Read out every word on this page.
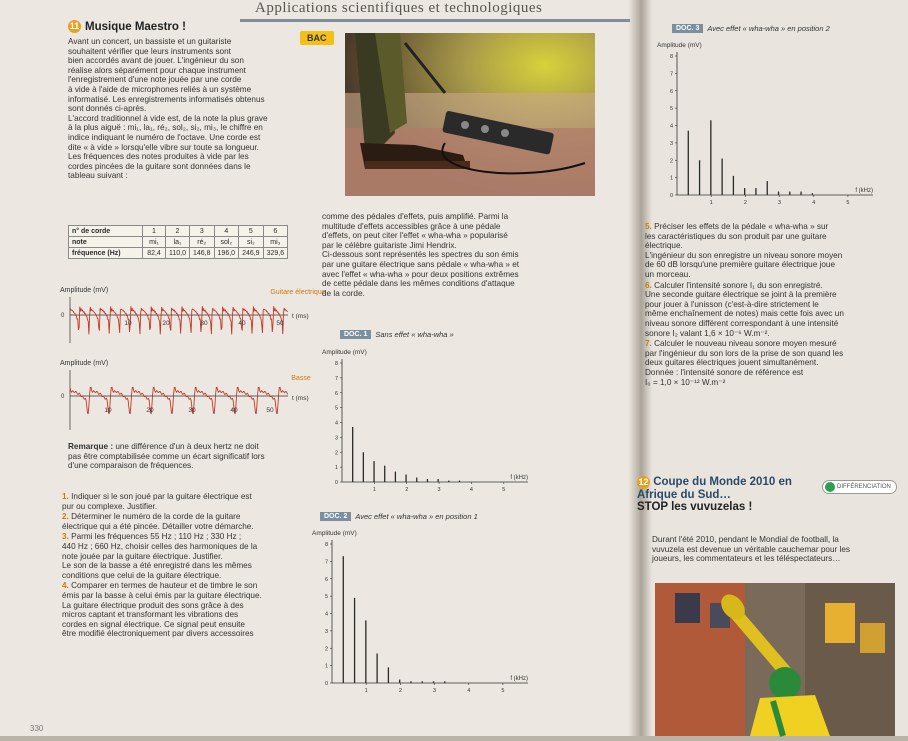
Applications scientifiques et technologiques
11 Musique Maestro !
BAC
Avant un concert, un bassiste et un guitariste
souhaitent vérifier que leurs instruments sont
bien accordés avant de jouer. L'ingénieur du son
réalise alors séparément pour chaque instrument
l'enregistrement d'une note jouée par une corde
à vide à l'aide de microphones reliés à un système
informatisé. Les enregistrements informatisés obtenus
sont donnés ci-après.
L'accord traditionnel à vide est, de la note la plus grave
à la plus aiguë : mi₁, la₁, ré₂, sol₂, si₂, mi₃, le chiffre en
indice indiquant le numéro de l'octave. Une corde est
dite « à vide » lorsqu'elle vibre sur toute sa longueur.
Les fréquences des notes produites à vide par les
cordes pincées de la guitare sont données dans le
tableau suivant :
n° de corde	1	2	3	4	5	6
note	mi₁	la₁	ré₂	sol₂	si₂	mi₃
fréquence (Hz)	82,4	110,0	146,8	196,0	246,9	329,6
Amplitude (mV)	Guitare électrique
0
10	20	30	40	50
t (ms)
Amplitude (mV)
Basse
0
10	20	30	40	50
t (ms)
Remarque : une différence d'un à deux hertz ne doit
pas être comptabilisée comme un écart significatif lors
d'une comparaison de fréquences.

1. Indiquer si le son joué par la guitare électrique est
pur ou complexe. Justifier.

2. Déterminer le numéro de la corde de la guitare
électrique qui a été pincée. Détailler votre démarche.

3. Parmi les fréquences 55 Hz ; 110 Hz ; 330 Hz ;
440 Hz ; 660 Hz, choisir celles des harmoniques de la
note jouée par la guitare électrique. Justifier.
Le son de la basse a été enregistré dans les mêmes
conditions que celui de la guitare électrique.

4. Comparer en termes de hauteur et de timbre le son
émis par la basse à celui émis par la guitare électrique.
La guitare électrique produit des sons grâce à des
micros captant et transformant les vibrations des
cordes en signal électrique. Ce signal peut ensuite
être modifié électroniquement par divers accessoires

comme des pédales d'effets, puis amplifié. Parmi la
multitude d'effets accessibles grâce à une pédale
d'effets, on peut citer l'effet « wha-wha » popularisé
par le célèbre guitariste Jimi Hendrix.
Ci-dessous sont représentés les spectres du son émis
par une guitare électrique sans pédale « wha-wha » et
avec l'effet « wha-wha » pour deux positions extrêmes
de cette pédale dans les mêmes conditions d'attaque
de la corde.
DOC. 1	Sans effet « wha-wha »
Amplitude (mV)
0
1
2
3
4
5
6
7
8
1	2	3	4	5
f (kHz)
DOC. 2	Avec effet « wha-wha » en position 1
Amplitude (mV)
0
1
2
3
4
5
6
7
8
1	2	3	4	5
f (kHz)
DOC. 3	Avec effet « wha-wha » en position 2
Amplitude (mV)
0
1
2
3
4
5
6
7
8
1	2	3	4	5
f (kHz)

5. Préciser les effets de la pédale « wha-wha » sur
les caractéristiques du son produit par une guitare
électrique.
L'ingénieur du son enregistre un niveau sonore moyen
de 60 dB lorsqu'une première guitare électrique joue
un morceau.

6. Calculer l'intensité sonore I₁ du son enregistré.
Une seconde guitare électrique se joint à la première
pour jouer à l'unisson (c'est-à-dire strictement le
même enchaînement de notes) mais cette fois avec un
niveau sonore différent correspondant à une intensité
sonore I₂ valant 1,6 × 10⁻⁶ W.m⁻².

7. Calculer le nouveau niveau sonore moyen mesuré
par l'ingénieur du son lors de la prise de son quand les
deux guitares électriques jouent simultanément.
Donnée : l'intensité sonore de référence est
I₀ = 1,0 × 10⁻¹² W.m⁻²

12 Coupe du Monde 2010 en Afrique du Sud…
STOP les vuvuzelas !
DIFFÉRENCIATION
Durant l'été 2010, pendant le Mondial de football, la
vuvuzela est devenue un véritable cauchemar pour les
joueurs, les commentateurs et les téléspectateurs…
330
